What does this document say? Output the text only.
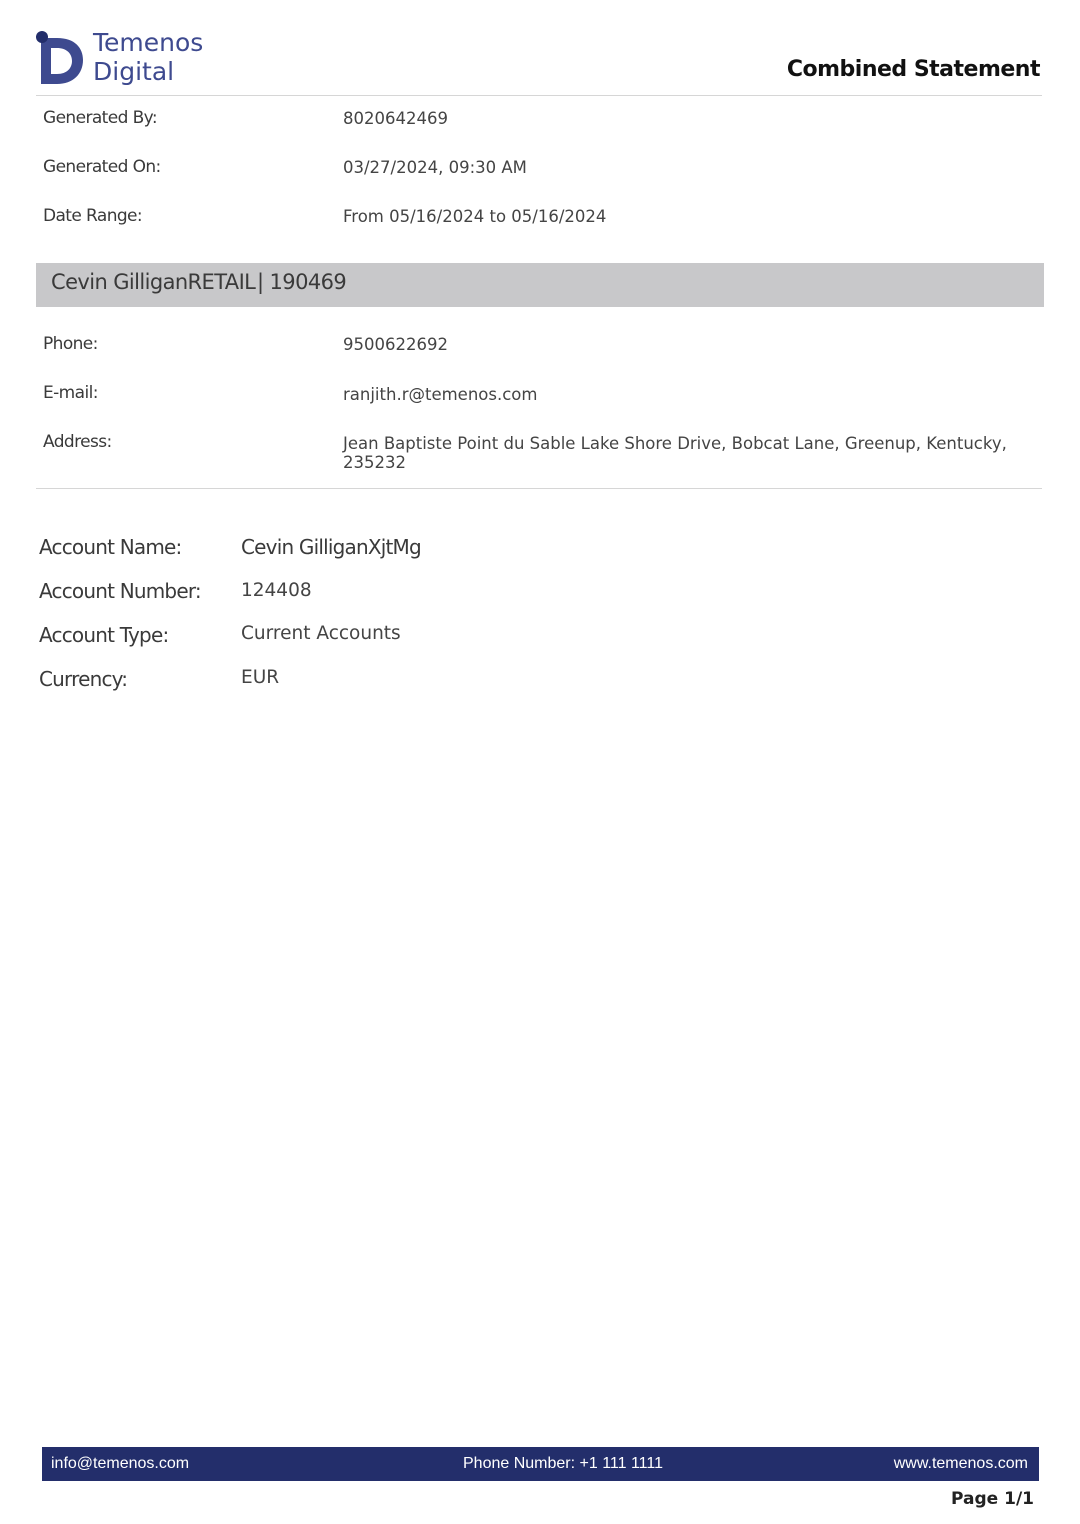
Temenos
Digital	Combined Statement
Generated By:	8020642469
Generated On:	03/27/2024, 09:30 AM
Date Range:	From 05/16/2024 to 05/16/2024
Cevin GilliganRETAIL | 190469
Phone:	9500622692
E-mail:	ranjith.r@temenos.com
Address:	Jean Baptiste Point du Sable Lake Shore Drive, Bobcat Lane, Greenup, Kentucky,
235232
Account Name:	Cevin GilliganXjtMg
Account Number: 124408
Account Type:	Current Accounts
Currency:	EUR
info@temenos.com	Phone Number: +1 111 1111	www.temenos.com
Page 1/1
